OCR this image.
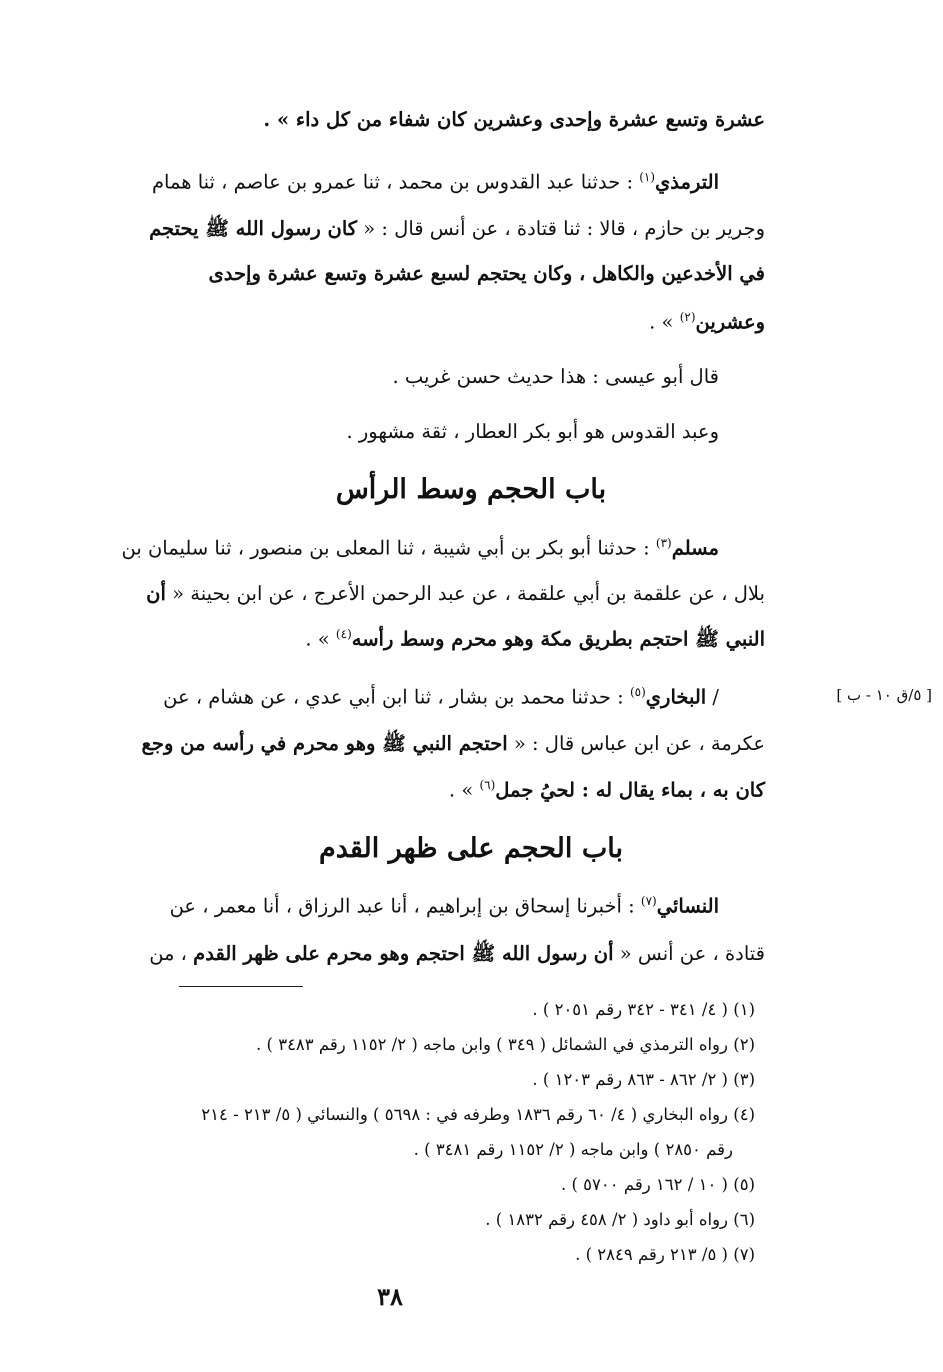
عشرة وتسع عشرة وإحدى وعشرين كان شفاء من كل داء » .
الترمذي$^{(١)}$ : حدثنا عبد القدوس بن محمد ، ثنا عمرو بن عاصم ، ثنا همام
وجرير بن حازم ، قالا : ثنا قتادة ، عن أنس قال : « كان رسول الله ﷺ يحتجم
في الأخدعين والكاهل ، وكان يحتجم لسبع عشرة وتسع عشرة وإحدى
وعشرين$^{(٢)}$ » .
قال أبو عيسى : هذا حديث حسن غريب .
وعبد القدوس هو أبو بكر العطار ، ثقة مشهور .
مسلم$^{(٣)}$ : حدثنا أبو بكر بن أبي شيبة ، ثنا المعلى بن منصور ، ثنا سليمان بن
بلال ، عن علقمة بن أبي علقمة ، عن عبد الرحمن الأعرج ، عن ابن بحينة « أن
النبي ﷺ احتجم بطريق مكة وهو محرم وسط رأسه$^{(٤)}$ » .
/ البخاري$^{(٥)}$ : حدثنا محمد بن بشار ، ثنا ابن أبي عدي ، عن هشام ، عن
عكرمة ، عن ابن عباس قال : « احتجم النبي ﷺ وهو محرم في رأسه من وجع
كان به ، بماء يقال له : لحيُ جمل$^{(٦)}$ » .
النسائي$^{(٧)}$ : أخبرنا إسحاق بن إبراهيم ، أنا عبد الرزاق ، أنا معمر ، عن
قتادة ، عن أنس « أن رسول الله ﷺ احتجم وهو محرم على ظهر القدم ، من
باب الحجم وسط الرأس
باب الحجم على ظهر القدم
[ ٥/ق ١٠ - ب ]
(١) ( ٤/ ٣٤١ - ٣٤٢ رقم ٢٠٥١ ) .
(٢) رواه الترمذي في الشمائل ( ٣٤٩ ) وابن ماجه ( ٢/ ١١٥٢ رقم ٣٤٨٣ ) .
(٣) ( ٢/ ٨٦٢ - ٨٦٣ رقم ١٢٠٣ ) .
(٤) رواه البخاري ( ٤/ ٦٠ رقم ١٨٣٦ وطرفه في : ٥٦٩٨ ) والنسائي ( ٥/ ٢١٣ - ٢١٤
رقم ٢٨٥٠ ) وابن ماجه ( ٢/ ١١٥٢ رقم ٣٤٨١ ) .
(٥) ( ١٠ / ١٦٢ رقم ٥٧٠٠ ) .
(٦) رواه أبو داود ( ٢/ ٤٥٨ رقم ١٨٣٢ ) .
(٧) ( ٥/ ٢١٣ رقم ٢٨٤٩ ) .
٣٨
